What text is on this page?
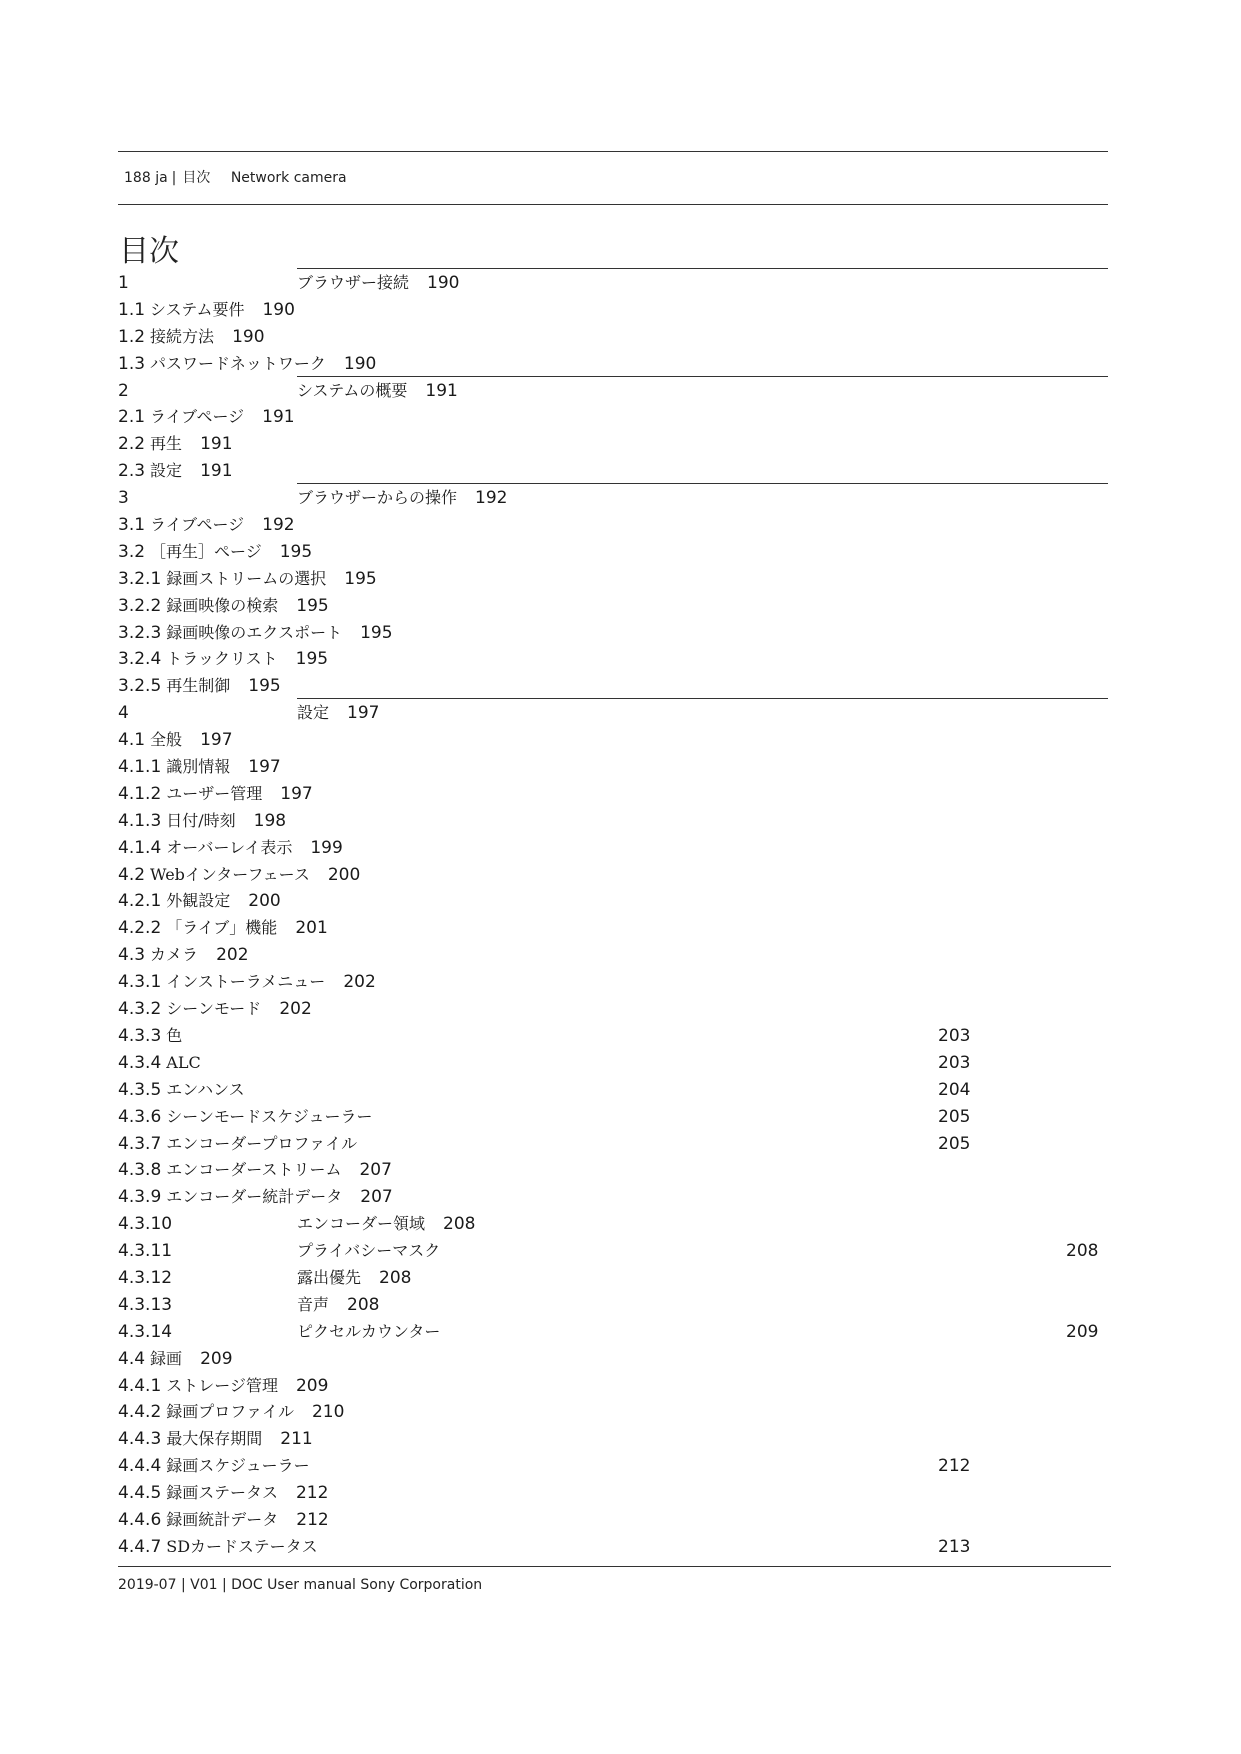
188 ja | 目次 Network camera
目次
1	ブラウザー接続 190
1.1 システム要件 190
1.2 接続方法 190
1.3 パスワードネットワーク 190
2	システムの概要 191
2.1 ライブページ 191
2.2 再生 191
2.3 設定 191
3	ブラウザーからの操作 192
3.1 ライブページ 192
3.2 ［再生］ページ 195
3.2.1 録画ストリームの選択 195
3.2.2 録画映像の検索 195
3.2.3 録画映像のエクスポート 195
3.2.4 トラックリスト 195
3.2.5 再生制御 195
4	設定 197
4.1 全般 197
4.1.1 識別情報 197
4.1.2 ユーザー管理 197
4.1.3 日付/時刻 198
4.1.4 オーバーレイ表示 199
4.2 Webインターフェース 200
4.2.1 外観設定 200
4.2.2 「ライブ」機能 201
4.3 カメラ 202
4.3.1 インストーラメニュー 202
4.3.2 シーンモード 202
4.3.3 色	203
4.3.4 ALC	203
4.3.5 エンハンス	204
4.3.6 シーンモードスケジューラー	205
4.3.7 エンコーダープロファイル	205
4.3.8 エンコーダーストリーム 207
4.3.9 エンコーダー統計データ 207
4.3.10	エンコーダー領域 208
4.3.11	プライバシーマスク	208
4.3.12	露出優先 208
4.3.13	音声 208
4.3.14	ピクセルカウンター	209
4.4 録画 209
4.4.1 ストレージ管理 209
4.4.2 録画プロファイル 210
4.4.3 最大保存期間 211
4.4.4 録画スケジューラー	212
4.4.5 録画ステータス 212
4.4.6 録画統計データ 212
4.4.7 SDカードステータス	213
2019-07 | V01 | DOC User manual Sony Corporation
